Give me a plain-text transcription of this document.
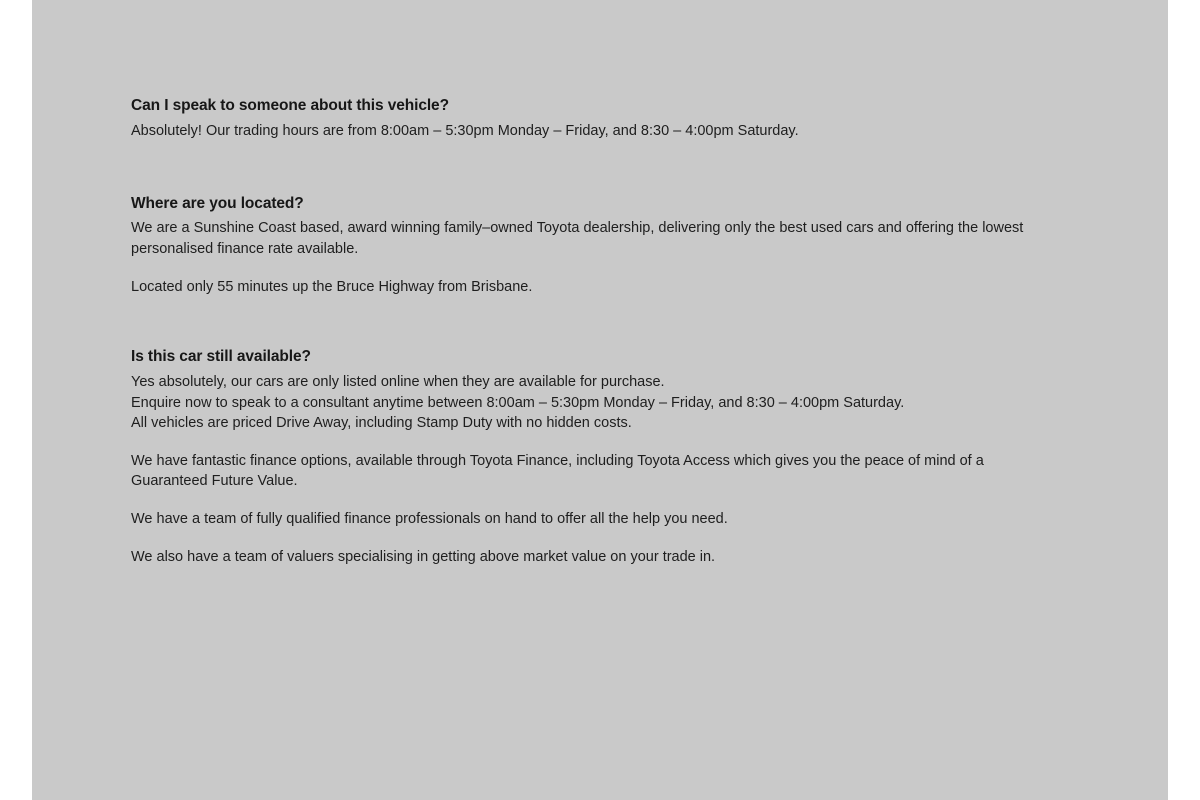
Can I speak to someone about this vehicle?

Absolutely! Our trading hours are from 8:00am – 5:30pm Monday – Friday, and 8:30 – 4:00pm Saturday.

Where are you located?

We are a Sunshine Coast based, award winning family–owned Toyota dealership, delivering only the best used cars and offering the lowest personalised finance rate available.

Located only 55 minutes up the Bruce Highway from Brisbane.

Is this car still available?

Yes absolutely, our cars are only listed online when they are available for purchase.

Enquire now to speak to a consultant anytime between 8:00am – 5:30pm Monday – Friday, and 8:30 – 4:00pm Saturday.

All vehicles are priced Drive Away, including Stamp Duty with no hidden costs.

We have fantastic finance options, available through Toyota Finance, including Toyota Access which gives you the peace of mind of a Guaranteed Future Value.

We have a team of fully qualified finance professionals on hand to offer all the help you need.

We also have a team of valuers specialising in getting above market value on your trade in.
